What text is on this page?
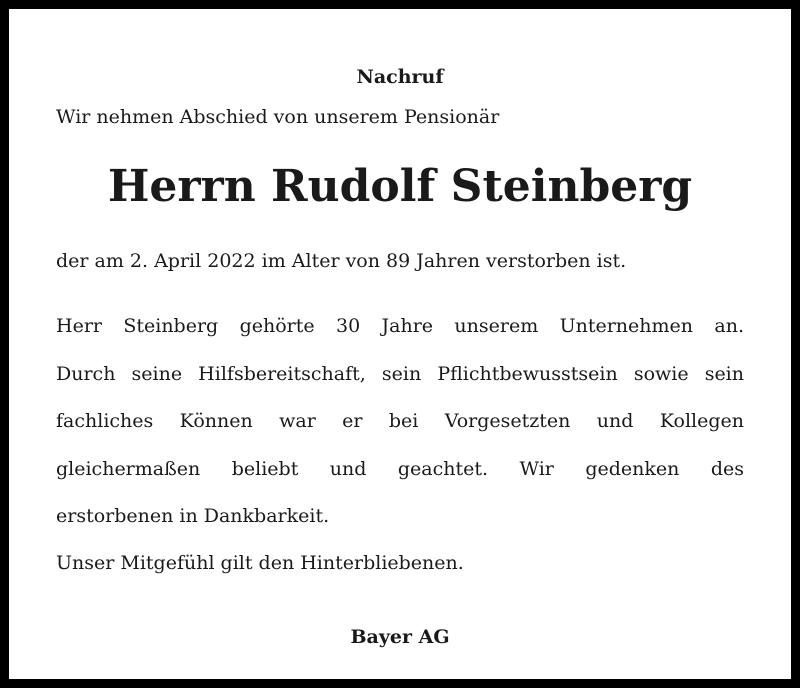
Nachruf
Wir nehmen Abschied von unserem Pensionär
Herrn Rudolf Steinberg
der am 2. April 2022 im Alter von 89 Jahren verstorben ist.
Herr Steinberg gehörte 30 Jahre unserem Unternehmen an.
Durch seine Hilfsbereitschaft, sein Pflichtbewusstsein sowie sein
fachliches Können war er bei Vorgesetzten und Kollegen
gleichermaßen beliebt und geachtet. Wir gedenken des
erstorbenen in Dankbarkeit.
Unser Mitgefühl gilt den Hinterbliebenen.
Bayer AG
